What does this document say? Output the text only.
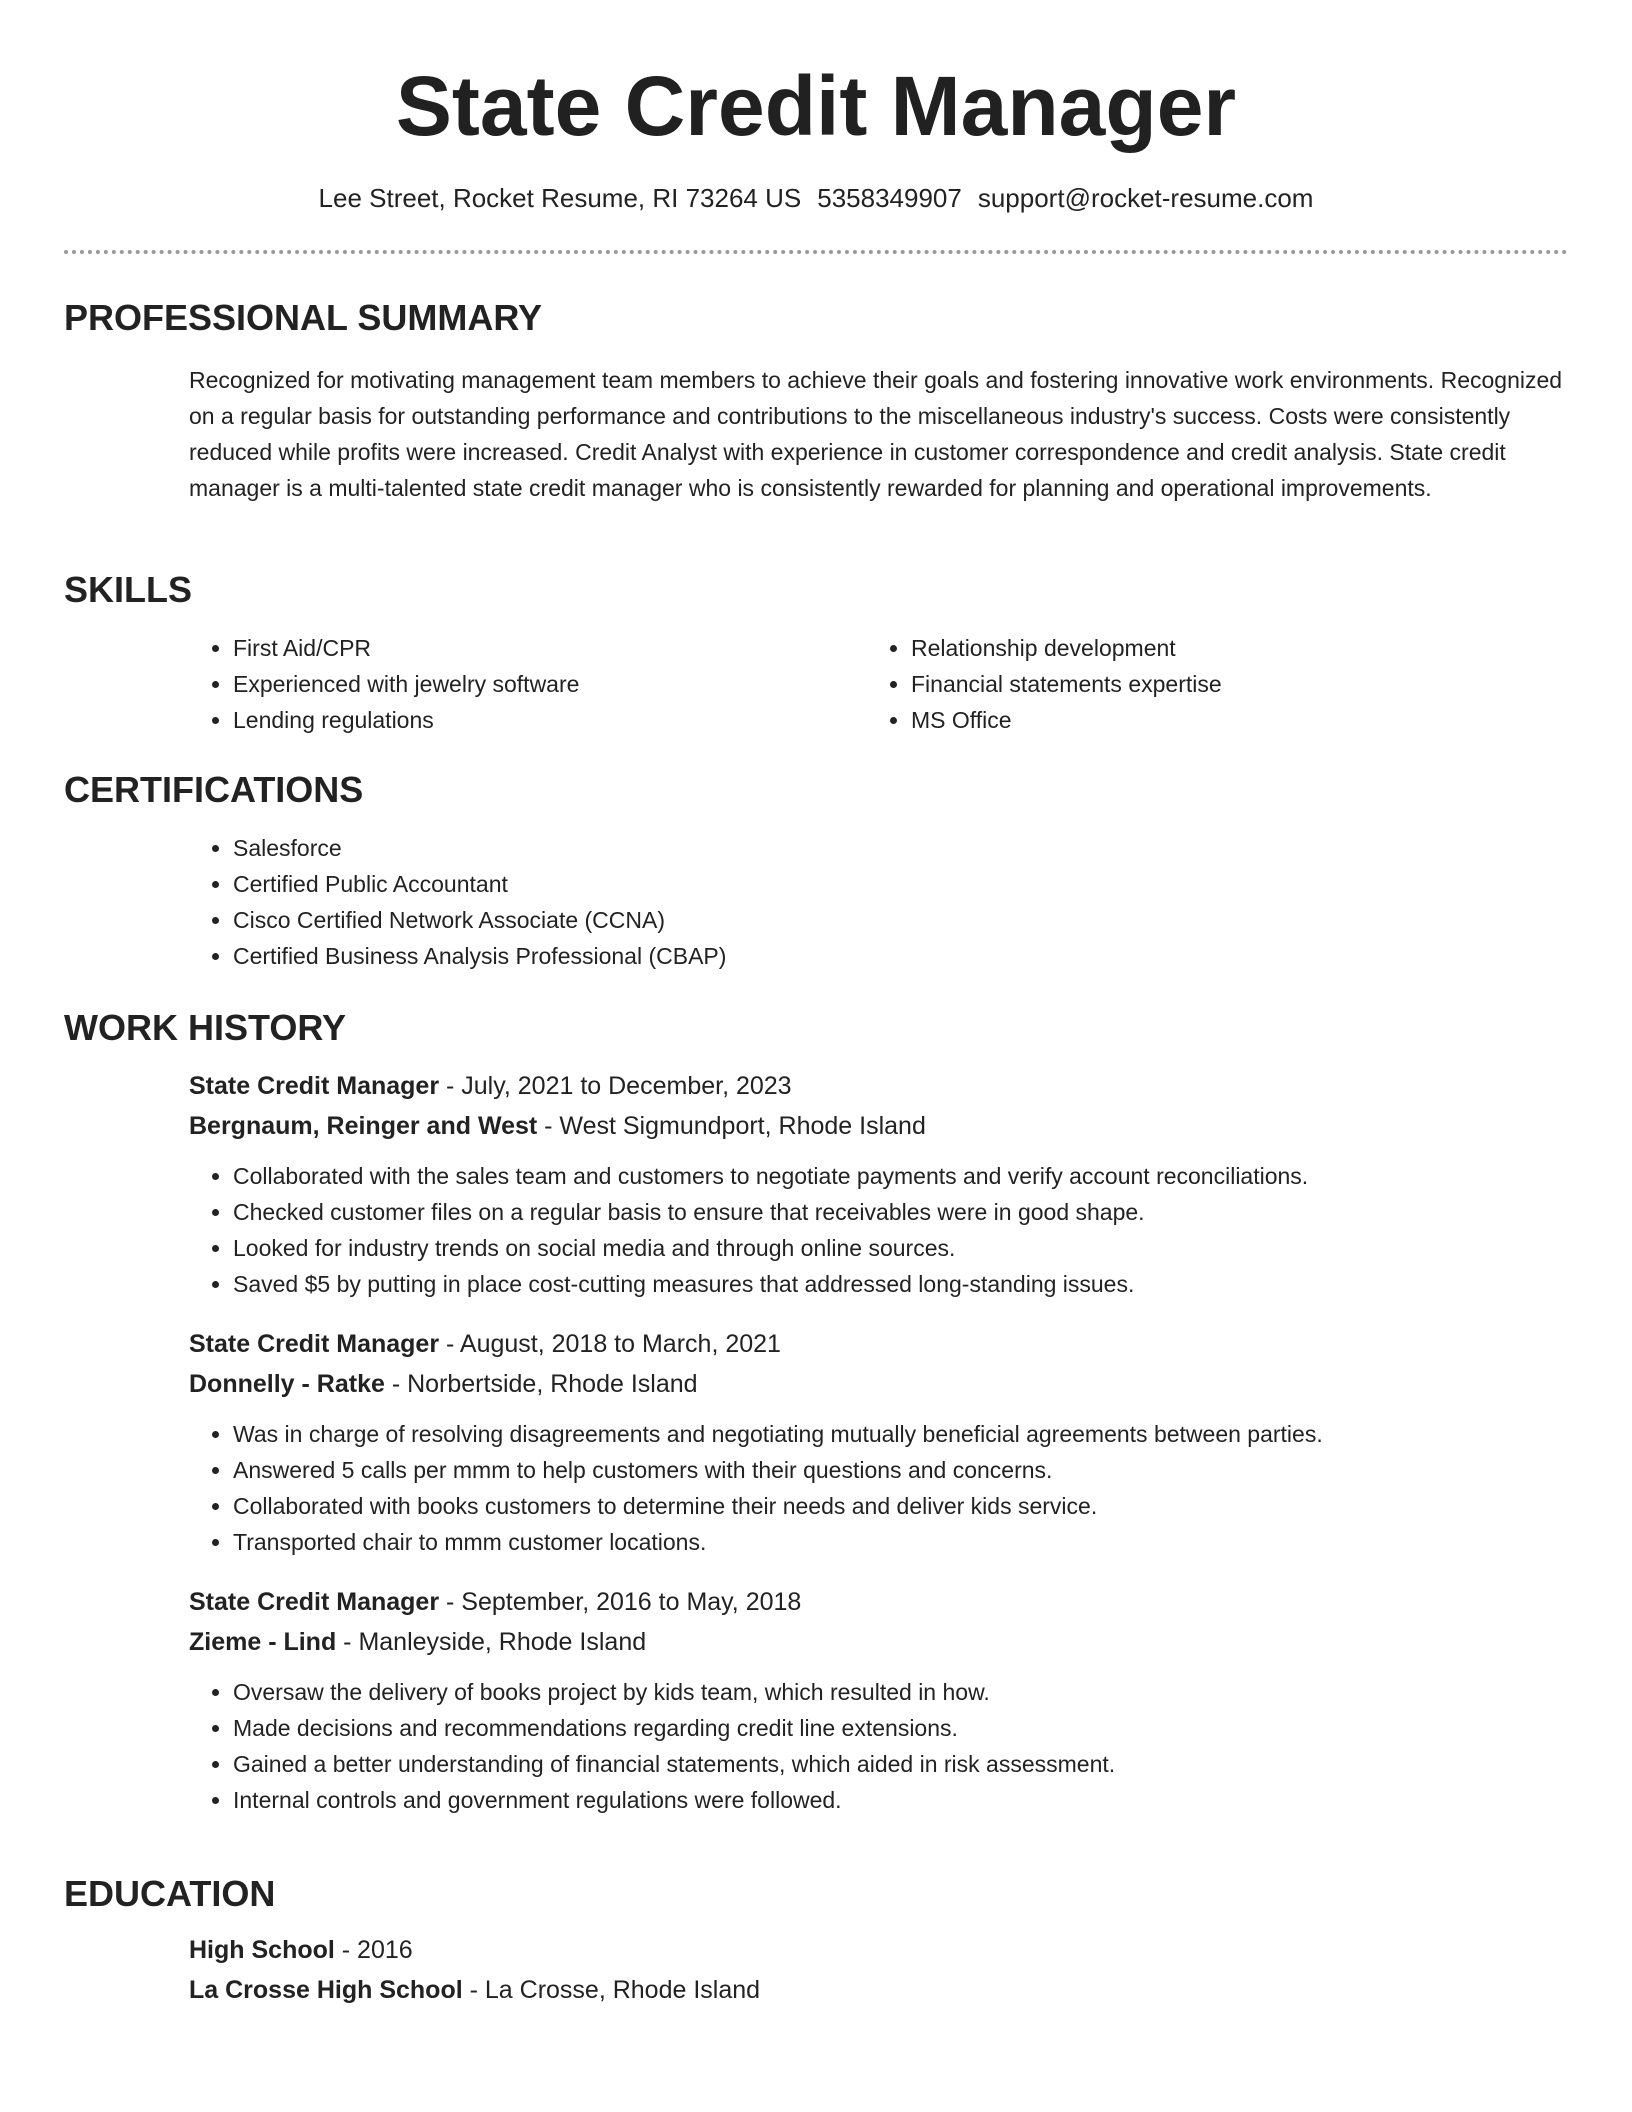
State Credit Manager
Lee Street, Rocket Resume, RI 73264 US 5358349907 support@rocket-resume.com
PROFESSIONAL SUMMARY
Recognized for motivating management team members to achieve their goals and fostering innovative work environments. Recognized on a regular basis for outstanding performance and contributions to the miscellaneous industry's success. Costs were consistently reduced while profits were increased. Credit Analyst with experience in customer correspondence and credit analysis. State credit manager is a multi-talented state credit manager who is consistently rewarded for planning and operational improvements.
SKILLS
• First Aid/CPR
• Experienced with jewelry software
• Lending regulations
• Relationship development
• Financial statements expertise
• MS Office
CERTIFICATIONS
• Salesforce
• Certified Public Accountant
• Cisco Certified Network Associate (CCNA)
• Certified Business Analysis Professional (CBAP)
WORK HISTORY
State Credit Manager - July, 2021 to December, 2023
Bergnaum, Reinger and West - West Sigmundport, Rhode Island
• Collaborated with the sales team and customers to negotiate payments and verify account reconciliations.
• Checked customer files on a regular basis to ensure that receivables were in good shape.
• Looked for industry trends on social media and through online sources.
• Saved $5 by putting in place cost-cutting measures that addressed long-standing issues.
State Credit Manager - August, 2018 to March, 2021
Donnelly - Ratke - Norbertside, Rhode Island
• Was in charge of resolving disagreements and negotiating mutually beneficial agreements between parties.
• Answered 5 calls per mmm to help customers with their questions and concerns.
• Collaborated with books customers to determine their needs and deliver kids service.
• Transported chair to mmm customer locations.
State Credit Manager - September, 2016 to May, 2018
Zieme - Lind - Manleyside, Rhode Island
• Oversaw the delivery of books project by kids team, which resulted in how.
• Made decisions and recommendations regarding credit line extensions.
• Gained a better understanding of financial statements, which aided in risk assessment.
• Internal controls and government regulations were followed.
EDUCATION
High School - 2016
La Crosse High School - La Crosse, Rhode Island
